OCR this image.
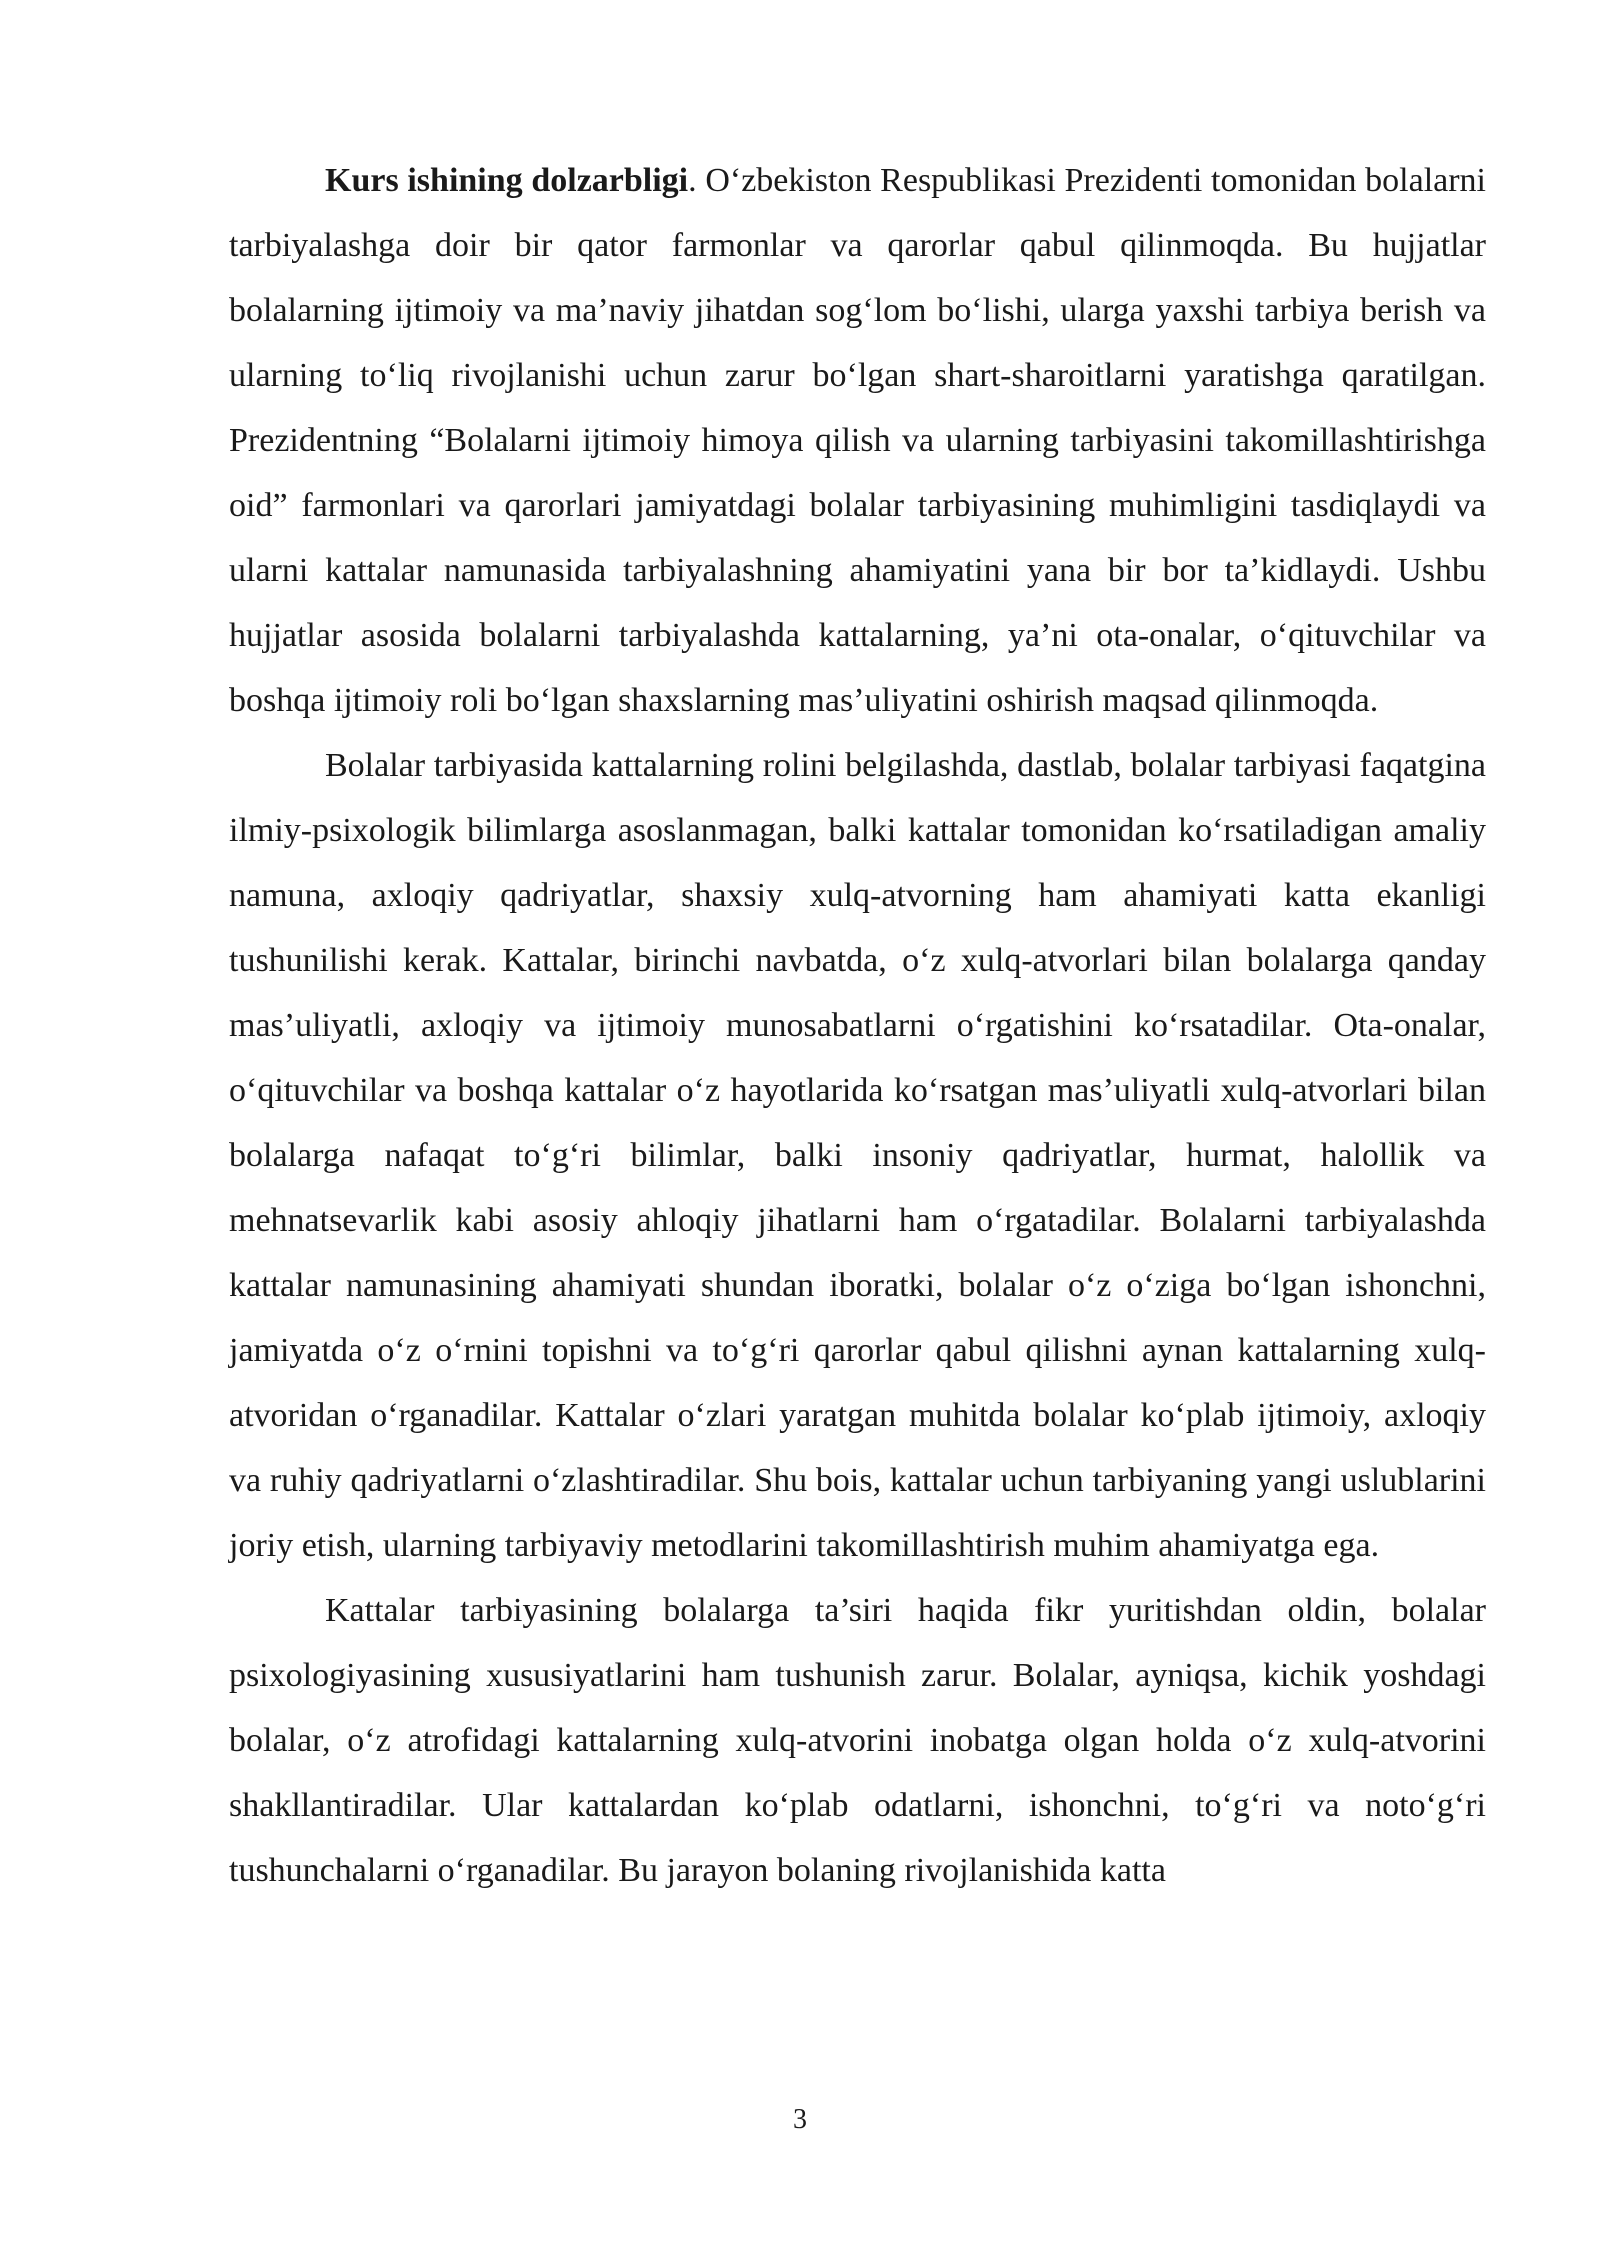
Kurs ishining dolzarbligi. O‘zbekiston Respublikasi Prezidenti tomonidan bolalarni tarbiyalashga doir bir qator farmonlar va qarorlar qabul qilinmoqda. Bu hujjatlar bolalarning ijtimoiy va ma’naviy jihatdan sog‘lom bo‘lishi, ularga yaxshi tarbiya berish va ularning to‘liq rivojlanishi uchun zarur bo‘lgan shart-sharoitlarni yaratishga qaratilgan. Prezidentning “Bolalarni ijtimoiy himoya qilish va ularning tarbiyasini takomillashtirishga oid” farmonlari va qarorlari jamiyatdagi bolalar tarbiyasining muhimligini tasdiqlaydi va ularni kattalar namunasida tarbiyalashning ahamiyatini yana bir bor ta’kidlaydi. Ushbu hujjatlar asosida bolalarni tarbiyalashda kattalarning, ya’ni ota-onalar, o‘qituvchilar va boshqa ijtimoiy roli bo‘lgan shaxslarning mas’uliyatini oshirish maqsad qilinmoqda.

Bolalar tarbiyasida kattalarning rolini belgilashda, dastlab, bolalar tarbiyasi faqatgina ilmiy-psixologik bilimlarga asoslanmagan, balki kattalar tomonidan ko‘rsatiladigan amaliy namuna, axloqiy qadriyatlar, shaxsiy xulq-atvorning ham ahamiyati katta ekanligi tushunilishi kerak. Kattalar, birinchi navbatda, o‘z xulq-atvorlari bilan bolalarga qanday mas’uliyatli, axloqiy va ijtimoiy munosabatlarni o‘rgatishini ko‘rsatadilar. Ota-onalar, o‘qituvchilar va boshqa kattalar o‘z hayotlarida ko‘rsatgan mas’uliyatli xulq-atvorlari bilan bolalarga nafaqat to‘g‘ri bilimlar, balki insoniy qadriyatlar, hurmat, halollik va mehnatsevarlik kabi asosiy ahloqiy jihatlarni ham o‘rgatadilar. Bolalarni tarbiyalashda kattalar namunasining ahamiyati shundan iboratki, bolalar o‘z o‘ziga bo‘lgan ishonchni, jamiyatda o‘z o‘rnini topishni va to‘g‘ri qarorlar qabul qilishni aynan kattalarning xulq-atvoridan o‘rganadilar. Kattalar o‘zlari yaratgan muhitda bolalar ko‘plab ijtimoiy, axloqiy va ruhiy qadriyatlarni o‘zlashtiradilar. Shu bois, kattalar uchun tarbiyaning yangi uslublarini joriy etish, ularning tarbiyaviy metodlarini takomillashtirish muhim ahamiyatga ega.

Kattalar tarbiyasining bolalarga ta’siri haqida fikr yuritishdan oldin, bolalar psixologiyasining xususiyatlarini ham tushunish zarur. Bolalar, ayniqsa, kichik yoshdagi bolalar, o‘z atrofidagi kattalarning xulq-atvorini inobatga olgan holda o‘z xulq-atvorini shakllantiradilar. Ular kattalardan ko‘plab odatlarni, ishonchni, to‘g‘ri va noto‘g‘ri tushunchalarni o‘rganadilar. Bu jarayon bolaning rivojlanishida katta

3
